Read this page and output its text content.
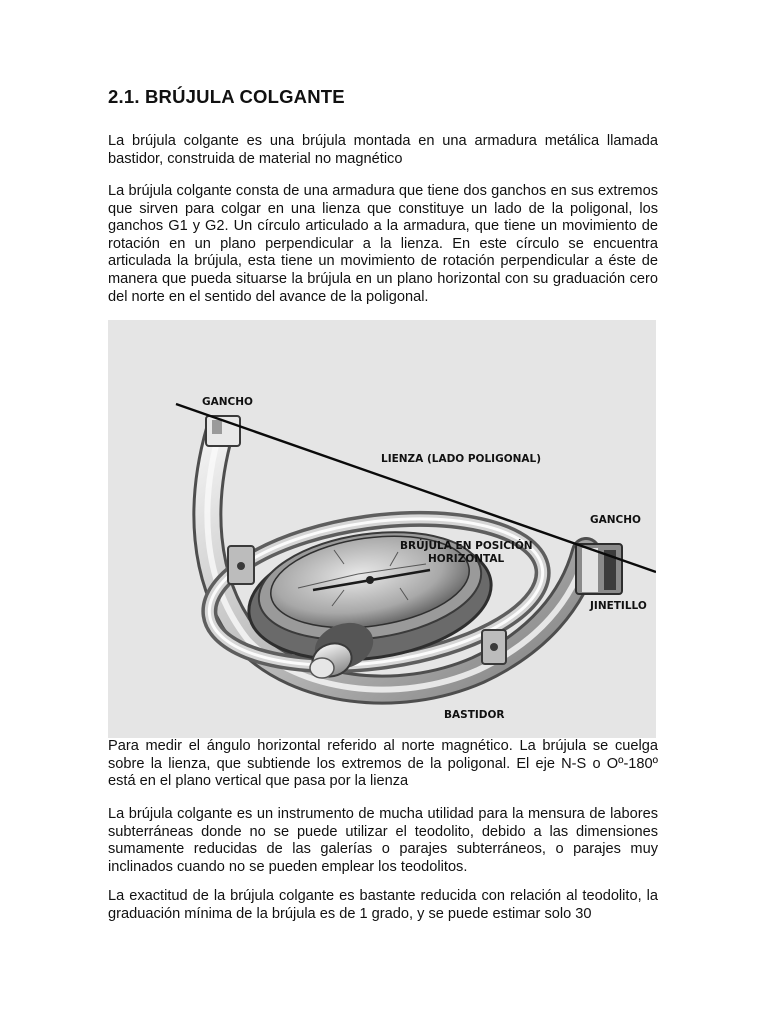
2.1. BRÚJULA COLGANTE

La brújula colgante es una brújula montada en una armadura metálica llamada bastidor, construida de material no magnético

La brújula colgante consta de una armadura que tiene dos ganchos en sus extremos que sirven para colgar en una lienza que constituye un lado de la poligonal, los ganchos G1 y G2. Un círculo articulado a la armadura, que tiene un movimiento de rotación en un plano perpendicular a la lienza. En este círculo se encuentra articulada la brújula, esta tiene un movimiento de rotación perpendicular a éste de manera que pueda situarse la brújula en un plano horizontal con su graduación cero del norte en el sentido del avance de la poligonal.

GANCHO
LIENZA (LADO POLIGONAL)
GANCHO
BRÚJULA EN POSICIÓN
HORIZONTAL
JINETILLO
BASTIDOR

Para medir el ángulo horizontal referido al norte magnético. La brújula se cuelga sobre la lienza, que subtiende los extremos de la poligonal. El eje N-S o Oº-180º está en el plano vertical que pasa por la lienza

La brújula colgante es un instrumento de mucha utilidad para la mensura de labores subterráneas donde no se puede utilizar el teodolito, debido a las dimensiones sumamente reducidas de las galerías o parajes subterráneos, o parajes muy inclinados cuando no se pueden emplear los teodolitos.

La exactitud de la brújula colgante es bastante reducida con relación al teodolito, la graduación mínima de la brújula es de 1 grado, y se puede estimar solo 30
